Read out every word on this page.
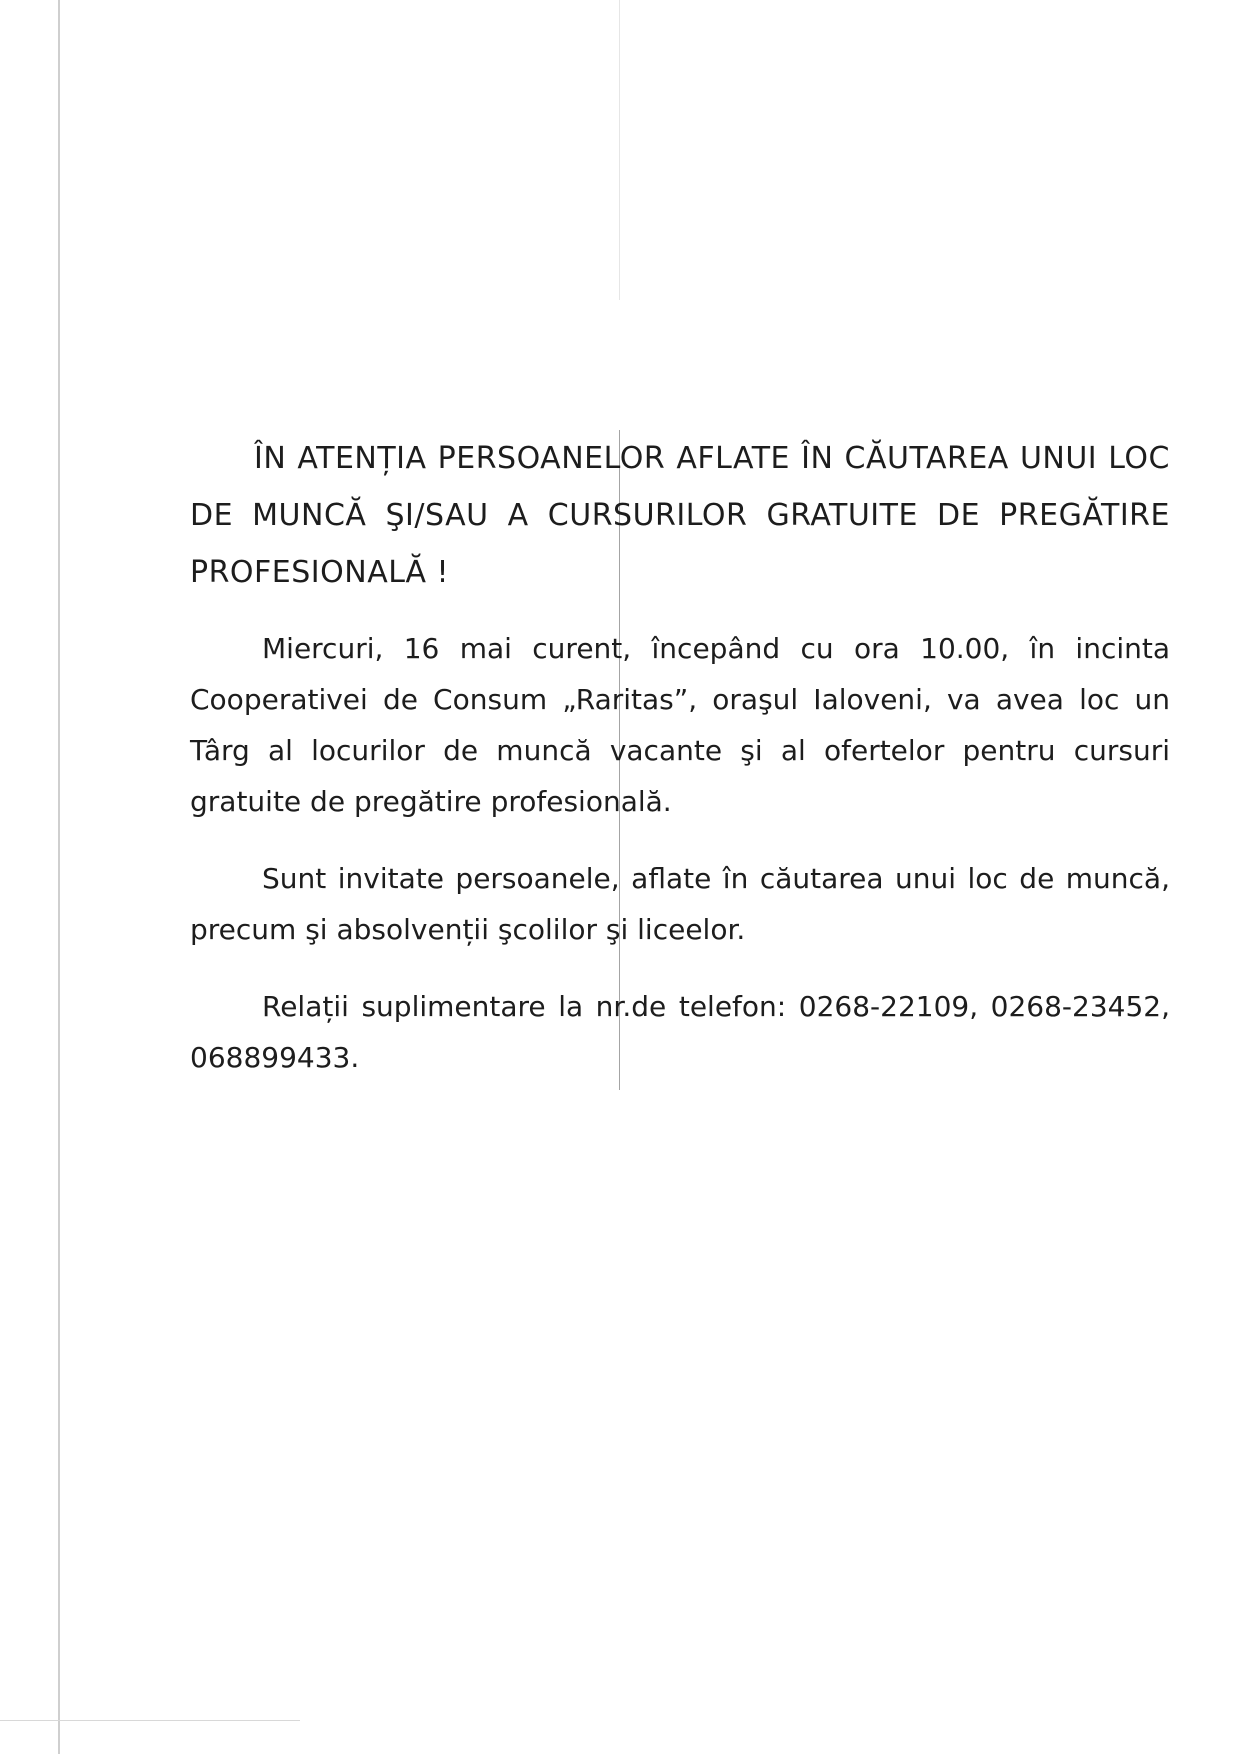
ÎN ATENȚIA PERSOANELOR AFLATE ÎN CĂUTAREA UNUI LOC DE MUNCĂ ŞI/SAU A CURSURILOR GRATUITE DE PREGĂTIRE PROFESIONALĂ !

Miercuri, 16 mai curent, începând cu ora 10.00, în incinta Cooperativei de Consum „Raritas”, oraşul Ialoveni, va avea loc un Târg al locurilor de muncă vacante şi al ofertelor pentru cursuri gratuite de pregătire profesională.

Sunt invitate persoanele, aflate în căutarea unui loc de muncă, precum şi absolvenții şcolilor şi liceelor.

Relații suplimentare la nr.de telefon: 0268-22109, 0268-23452, 068899433.
